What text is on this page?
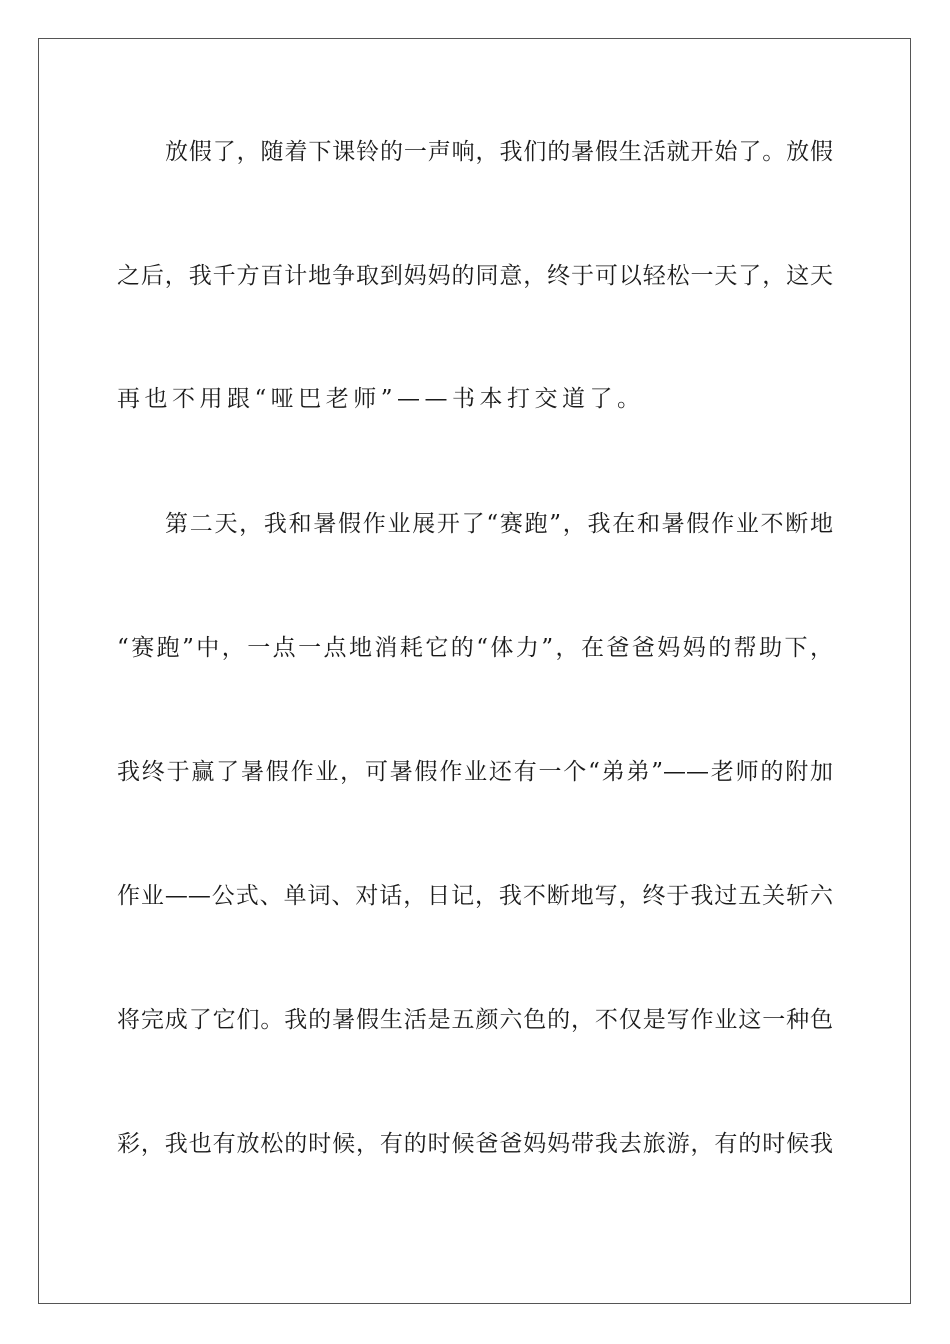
放假了，随着下课铃的一声响，我们的暑假生活就开始了。放假
之后，我千方百计地争取到妈妈的同意，终于可以轻松一天了，这天
再也不用跟“哑巴老师”——书本打交道了。
第二天，我和暑假作业展开了“赛跑”，我在和暑假作业不断地
“赛跑”中，一点一点地消耗它的“体力”，在爸爸妈妈的帮助下，
我终于赢了暑假作业，可暑假作业还有一个“弟弟”——老师的附加
作业——公式、单词、对话，日记，我不断地写，终于我过五关斩六
将完成了它们。我的暑假生活是五颜六色的，不仅是写作业这一种色
彩，我也有放松的时候，有的时候爸爸妈妈带我去旅游，有的时候我
